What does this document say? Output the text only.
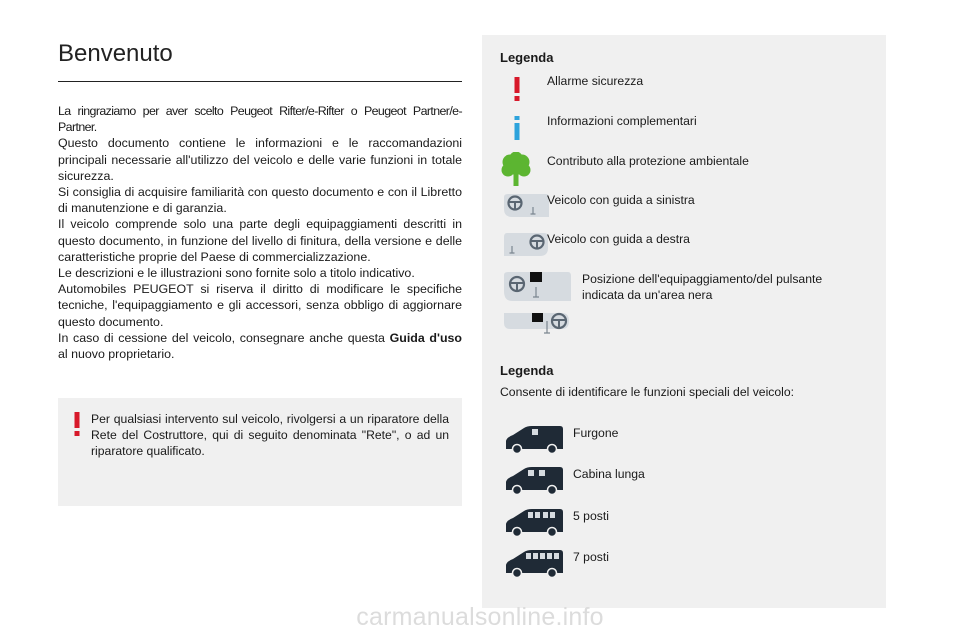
Benvenuto

La ringraziamo per aver scelto Peugeot Rifter/e-Rifter o Peugeot Partner/e-Partner.

Questo documento contiene le informazioni e le raccomandazioni principali necessarie all'utilizzo del veicolo e delle varie funzioni in totale sicurezza.

Si consiglia di acquisire familiarità con questo documento e con il Libretto di manutenzione e di garanzia.

Il veicolo comprende solo una parte degli equipaggiamenti descritti in questo documento, in funzione del livello di finitura, della versione e delle caratteristiche proprie del Paese di commercializzazione.

Le descrizioni e le illustrazioni sono fornite solo a titolo indicativo.

Automobiles PEUGEOT si riserva il diritto di modificare le specifiche tecniche, l'equipaggiamento e gli accessori, senza obbligo di aggiornare questo documento.

In caso di cessione del veicolo, consegnare anche questa Guida d'uso al nuovo proprietario.

Per qualsiasi intervento sul veicolo, rivolgersi a un riparatore della Rete del Costruttore, qui di seguito denominata "Rete", o ad un riparatore qualificato.
Legenda
Allarme sicurezza
Informazioni complementari
Contributo alla protezione ambientale
Veicolo con guida a sinistra
Veicolo con guida a destra
Posizione dell'equipaggiamento/del pulsante indicata da un'area nera
Legenda
Consente di identificare le funzioni speciali del veicolo:
Furgone
Cabina lunga
5 posti
7 posti
carmanualsonline.info
